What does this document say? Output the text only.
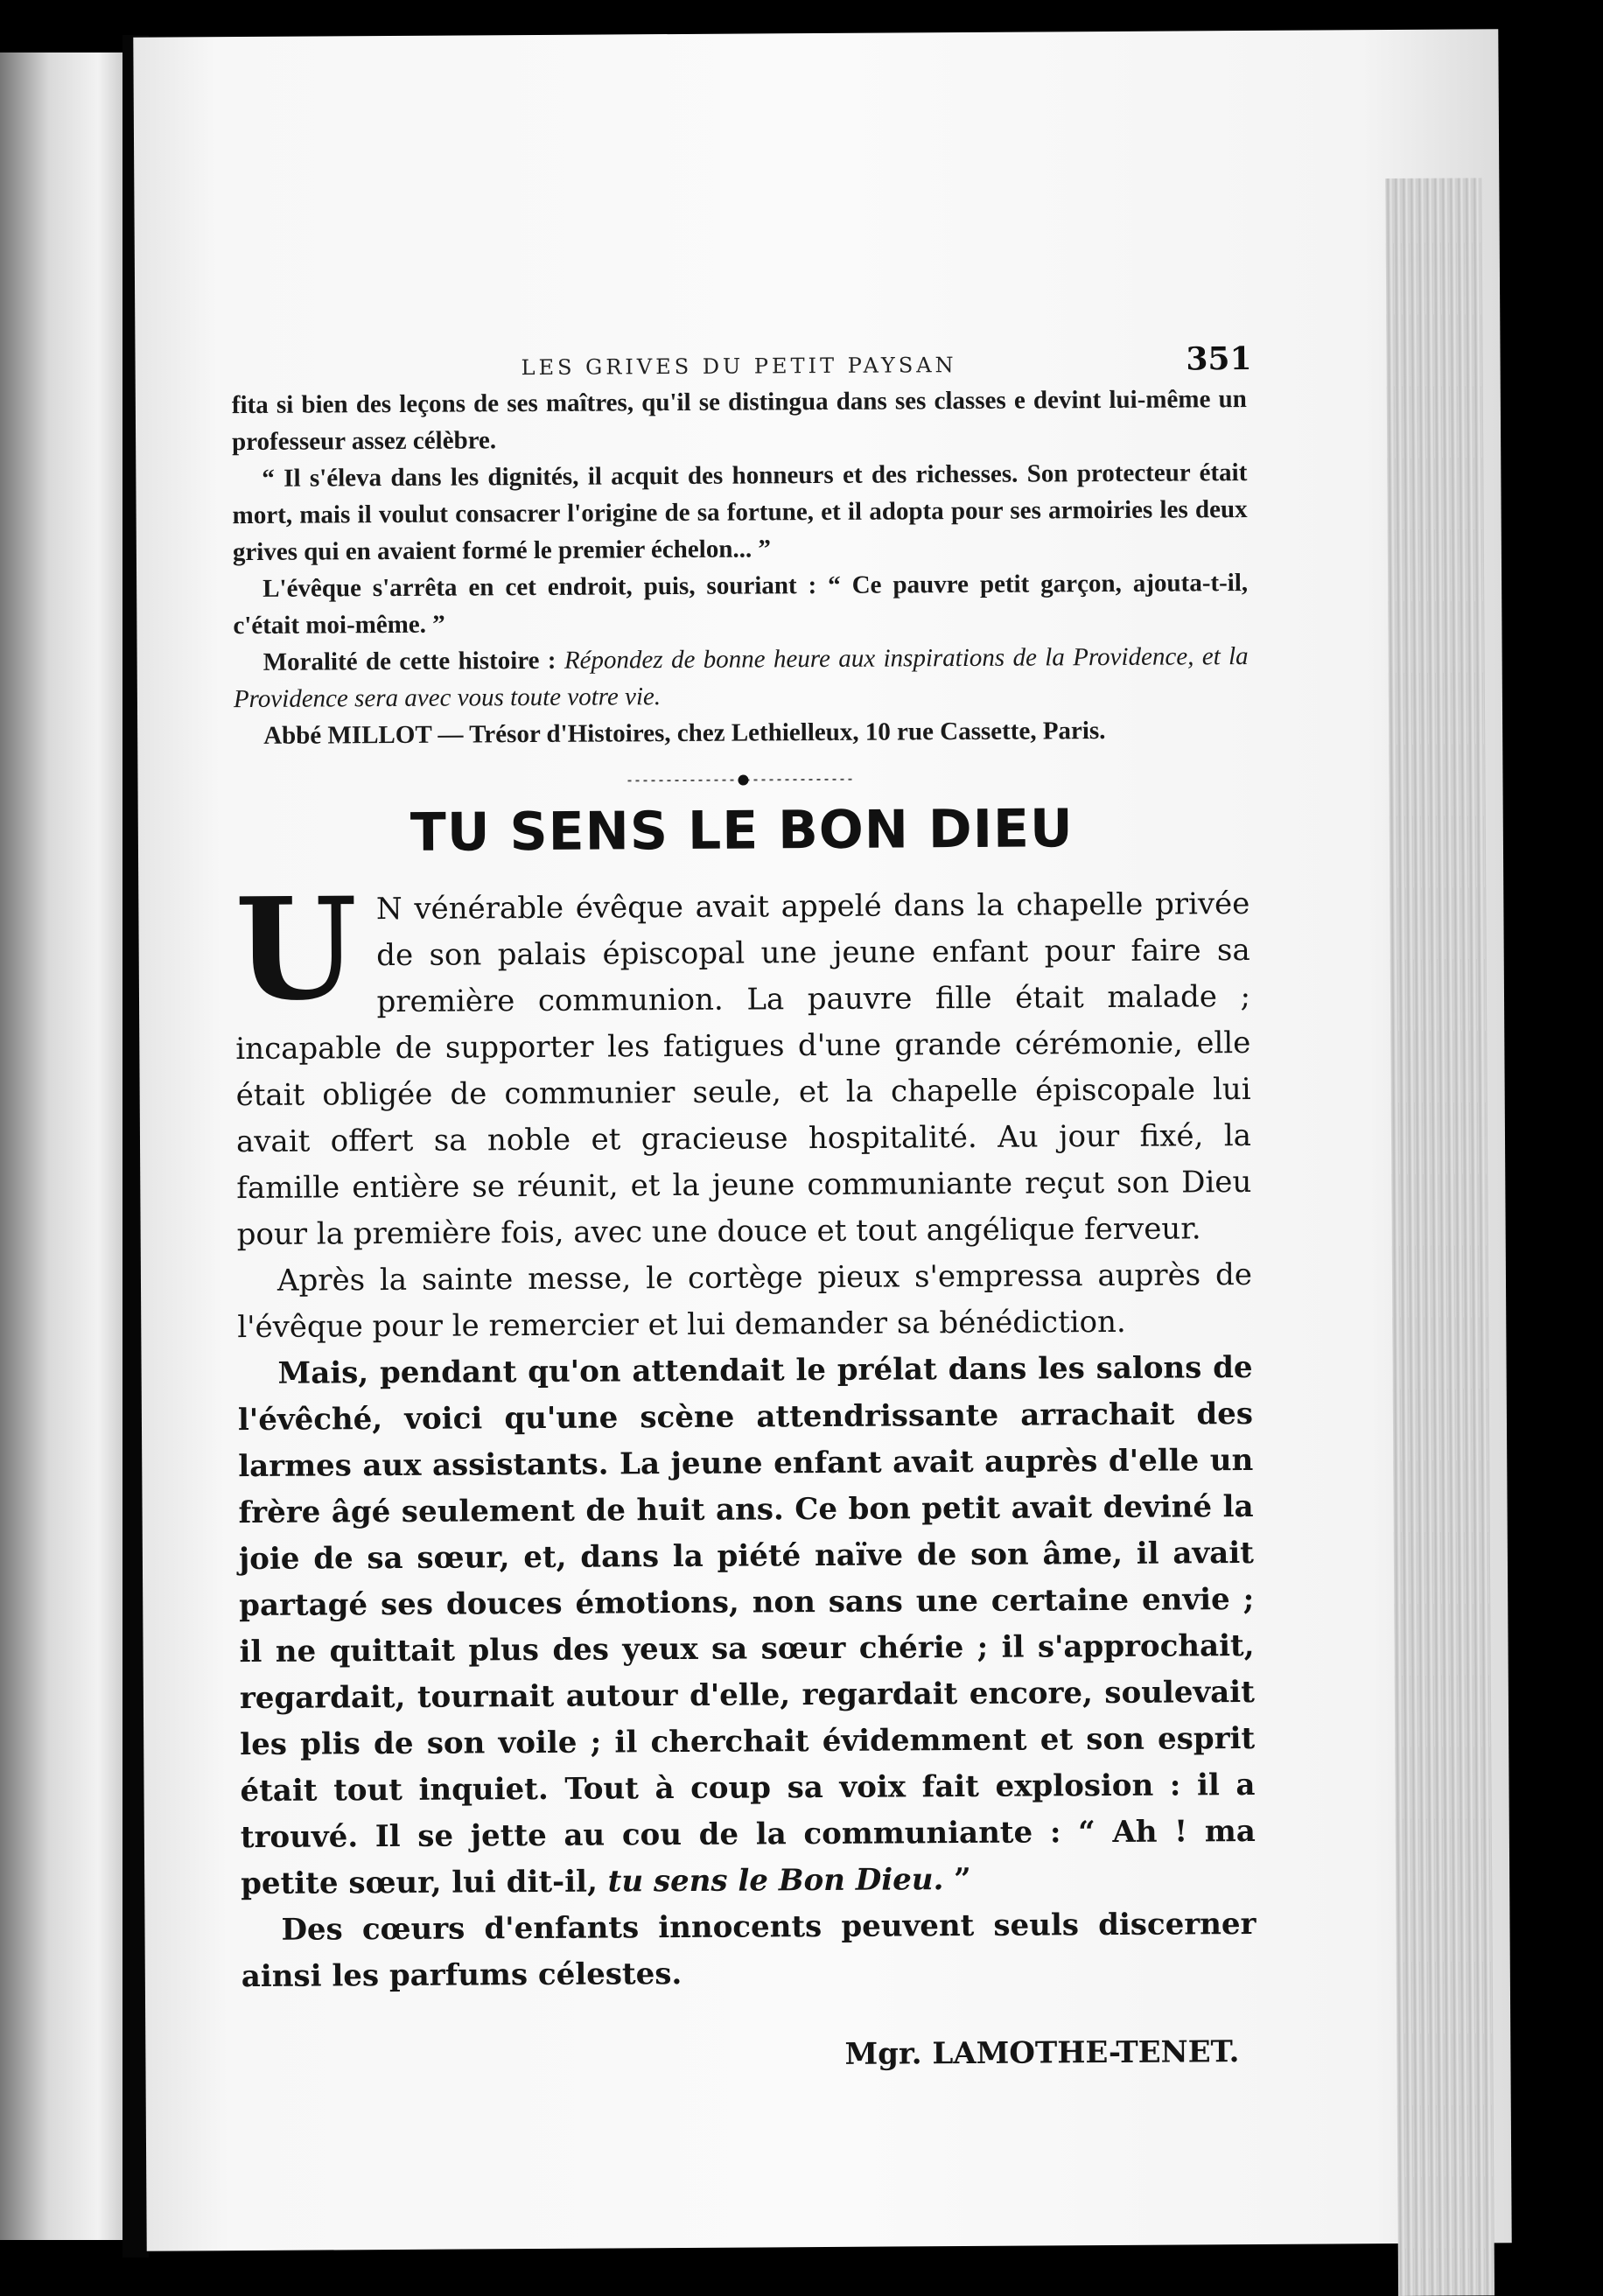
LES GRIVES DU PETIT PAYSAN	351

fita si bien des leçons de ses maîtres, qu'il se distingua dans ses classes e devint lui-même un professeur assez célèbre.

“ Il s'éleva dans les dignités, il acquit des honneurs et des richesses. Son protecteur était mort, mais il voulut consacrer l'origine de sa fortune, et il adopta pour ses armoiries les deux grives qui en avaient formé le premier échelon... ”

L'évêque s'arrêta en cet endroit, puis, souriant : “ Ce pauvre petit garçon, ajouta-t-il, c'était moi-même. ”

Moralité de cette histoire : Répondez de bonne heure aux inspirations de la Providence, et la Providence sera avec vous toute votre vie.

Abbé MILLOT — Trésor d'Histoires, chez Lethielleux, 10 rue Cassette, Paris.

TU SENS LE BON DIEU

U N vénérable évêque avait appelé dans la chapelle privée de son palais épiscopal une jeune enfant pour faire sa première communion. La pauvre fille était malade ; incapable de supporter les fatigues d'une grande cérémonie, elle était obligée de communier seule, et la chapelle épiscopale lui avait offert sa noble et gracieuse hospitalité. Au jour fixé, la famille entière se réunit, et la jeune communiante reçut son Dieu pour la première fois, avec une douce et tout angélique ferveur.

Après la sainte messe, le cortège pieux s'empressa auprès de l'évêque pour le remercier et lui demander sa bénédiction.

Mais, pendant qu'on attendait le prélat dans les salons de l'évêché, voici qu'une scène attendrissante arrachait des larmes aux assistants. La jeune enfant avait auprès d'elle un frère âgé seulement de huit ans. Ce bon petit avait deviné la joie de sa sœur, et, dans la piété naïve de son âme, il avait partagé ses douces émotions, non sans une certaine envie ; il ne quittait plus des yeux sa sœur chérie ; il s'approchait, regardait, tournait autour d'elle, regardait encore, soulevait les plis de son voile ; il cherchait évidemment et son esprit était tout inquiet. Tout à coup sa voix fait explosion : il a trouvé. Il se jette au cou de la communiante : “ Ah ! ma petite sœur, lui dit-il, tu sens le Bon Dieu. ”

Des cœurs d'enfants innocents peuvent seuls discerner ainsi les parfums célestes.

Mgr. LAMOTHE-TENET.
